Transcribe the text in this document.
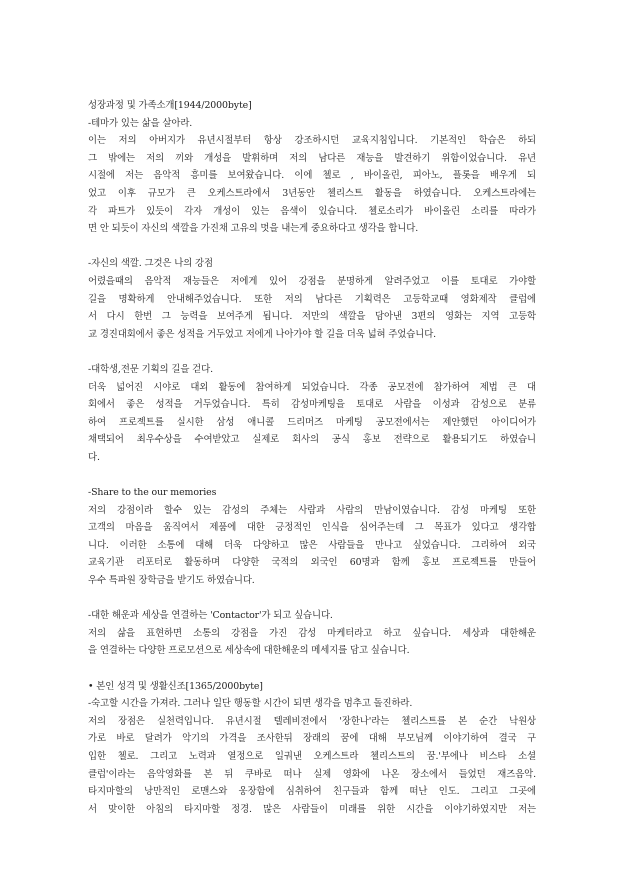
성장과정 및 가족소개[1944/2000byte]
-테마가 있는 삶을 살아라.
이는 저의 아버지가 유년시절부터 항상 강조하시던 교육지침입니다. 기본적인 학습은 하되
그 밖에는 저의 끼와 개성을 발휘하며 저의 남다른 재능을 발견하기 위함이었습니다. 유년
시절에 저는 음악적 흥미를 보여왔습니다. 이에 첼로 , 바이올린, 피아노, 플롯을 배우게 되
었고 이후 규모가 큰 오케스트라에서 3년동안 첼리스트 활동을 하였습니다. 오케스트라에는
각 파트가 있듯이 각자 개성이 있는 음색이 있습니다. 첼로소리가 바이올린 소리를 따라가
면 안 되듯이 자신의 색깔을 가진채 고유의 멋을 내는게 중요하다고 생각을 합니다.
-자신의 색깔. 그것은 나의 강점
어렸을때의 음악적 재능들은 저에게 있어 강점을 분명하게 알려주었고 이를 토대로 가야할
길을 명확하게 안내해주었습니다. 또한 저의 남다른 기획력은 고등학교때 영화제작 클럽에
서 다시 한번 그 능력을 보여주게 됩니다. 저만의 색깔을 담아낸 3편의 영화는 지역 고등학
교 경진대회에서 좋은 성적을 거두었고 저에게 나아가야 할 길을 더욱 넓혀 주었습니다.
-대학생,전문 기획의 길을 걷다.
더욱 넓어진 시야로 대외 활동에 참여하게 되었습니다. 각종 공모전에 참가하여 제법 큰 대
회에서 좋은 성적을 거두었습니다. 특히 감성마케팅을 토대로 사람을 이성과 감성으로 분류
하여 프로젝트를 실시한 삼성 애니콜 드리머즈 마케팅 공모전에서는 제안했던 아이디어가
채택되어 최우수상을 수여받았고 실제로 회사의 공식 홍보 전략으로 활용되기도 하였습니
다.
-Share to the our memories
저의 강점이라 할수 있는 감성의 주체는 사람과 사람의 만남이였습니다. 감성 마케팅 또한
고객의 마음을 움직여서 제품에 대한 긍정적인 인식을 심어주는데 그 목표가 있다고 생각합
니다. 이러한 소통에 대해 더욱 다양하고 많은 사람들을 만나고 싶었습니다. 그리하여 외국
교육기관 리포터로 활동하며 다양한 국적의 외국인 60명과 함께 홍보 프로젝트를 만들어
우수 특파원 장학금을 받기도 하였습니다.
-대한 해운과 세상을 연결하는 'Contactor'가 되고 싶습니다.
저의 삶을 표현하면 소통의 강점을 가진 감성 마케터라고 하고 싶습니다. 세상과 대한해운
을 연결하는 다양한 프로모션으로 세상속에 대한해운의 메세지를 담고 싶습니다.
• 본인 성격 및 생활신조[1365/2000byte]
-숙고할 시간을 가져라. 그러나 일단 행동할 시간이 되면 생각을 멈추고 돌진하라.
저의 장점은 실천력입니다. 유년시절 텔레비전에서 '장한나'라는 첼리스트를 본 순간 낙원상
가로 바로 달려가 악기의 가격을 조사한뒤 장래의 꿈에 대해 부모님께 이야기하여 결국 구
입한 첼로. 그리고 노력과 열정으로 일궈낸 오케스트라 첼리스트의 꿈.'부에나 비스타 소셜
클럽'이라는 음악영화를 본 뒤 쿠바로 떠나 실제 영화에 나온 장소에서 들었던 재즈음악.
타지마할의 낭만적인 로맨스와 웅장함에 심취하여 친구들과 함께 떠난 인도. 그리고 그곳에
서 맞이한 아침의 타지마할 정경. 많은 사람들이 미래를 위한 시간을 이야기하였지만 저는
